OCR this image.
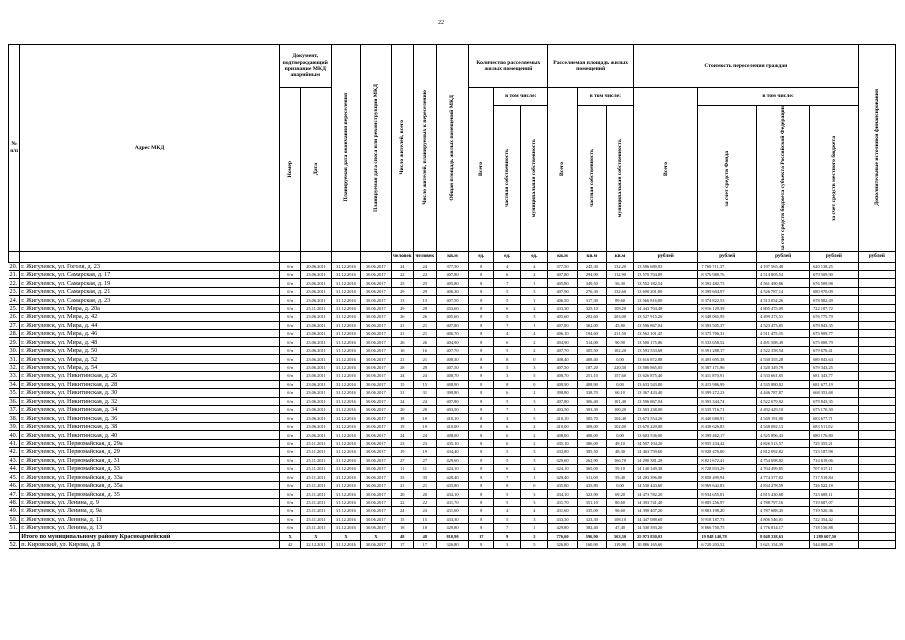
22
№ п/п	Адрес МКД	Документ, подтверждающий признание МКД аварийным		Планируемая дата окончания переселения	Планируемая дата сноса или реконструкции МКД	Число жителей, всего	Число жителей, планируемых к переселению	Общая площадь жилых помещений МКД	Количество расселяемых жилых помещений			Расселяемая площадь жилых помещений			Стоимость переселения граждан				Дополнительные источники финансирования

		Номер	Дата						Всего	в том числе:		Всего	в том числе:		Всего	в том числе:			

										частная собственность	муниципальная собственность		частная собственность	муниципальная собственность		за счет средств Фонда	за счет средств бюджета субъекта Российской Федерации	за счет средств местного бюджета	

						человек	человек	кв.м	ед.	ед.	ед.	кв.м	кв.м	кв.м	рублей	рублей	рублей	рублей	рублей
20.	г. Жигулевск, ул. Гоголя, д. 23	б/н	20.06.2011	31.12.2016	30.06.2017	24	24	377,50	8	4	4	377,50	245,30	132,20	13 586 689,93	7 769 711,37	4 197 565,48	620 138,25	
21.	г. Жигулевск, ул. Самарская, д. 17	б/н	23.06.2011	31.12.2016	30.06.2017	22	22	407,80	8	6	2	407,80	294,90	112,90	13 570 704,89	8 376 980,76	4 514 805,54	679 509,90	
22.	г. Жигулевск, ул. Самарская, д. 19	б/н	23.06.2011	31.12.2016	30.06.2017	25	25	405,80	8	7	1	405,80	349,50	56,30	13 552 182,54	8 392 482,75	4 561 490,86	676 509,98	
23.	г. Жигулевск, ул. Самарская, д. 21	б/н	23.06.2011	31.12.2016	30.06.2017	29	29	406,30	8	5	3	407,90	276,30	132,60	13 690 201,80	8 399 604,97	4 526 787,14	680 970,09	
24.	г. Жигулевск, ул. Самарская, д. 23	б/н	23.06.2011	31.12.2016	30.06.2017	13	13	407,50	8	5	1	406,50	317,30	89,60	13 566 816,80	8 374 822,53	4 513 054,26	678 982,49	
25.	г. Жигулевск, ул. Мира, д. 20а	б/н	25.11.2011	31.12.2016	30.06.2017	29	29	433,60	8	6	2	433,30	325,10	108,20	14 443 704,48	8 916 129,39	4 805 475,09	722 187,72	
26.	г. Жигулевск, ул. Мира, д. 42	б/н	23.06.2011	31.12.2016	30.06.2017	26	26	405,60	8	5	3	405,60	202,60	203,00	13 527 915,26	8 348 065,95	4 499 273,51	676 775,79	
27.	г. Жигулевск, ул. Мира, д. 44	б/н	23.06.2011	31.12.2016	30.06.2017	21	21	407,80	8	7	1	407,80	362,00	45,80	13 596 867,04	8 393 505,37	4 523 473,85	679 843,35	
28.	г. Жигулевск, ул. Мира, д. 46	б/н	23.06.2011	31.12.2016	30.06.2017	21	21	406,70	8	4	4	406,10	194,60	211,50	13 562 101,45	8 375 706,31	4 511 475,35	675 909,77	
29.	г. Жигулевск, ул. Мира, д. 48	б/н	23.06.2011	31.12.2016	30.06.2017	26	26	404,90	8	6	2	404,90	314,00	90,90	13 500 175,86	8 333 658,52	4 491 508,49	675 008,79	
30.	г. Жигулевск, ул. Мира, д. 50	б/н	23.06.2011	31.12.2016	30.06.2017	16	16	407,70	8	5	2	407,70	305,50	102,20	13 593 533,68	8 391 288,17	4 522 358,54	679 676,41	
31.	г. Жигулевск, ул. Мира, д. 52	б/н	23.06.2011	31.12.2016	30.06.2017	21	21	408,30	8	8	0	408,40	408,40	0,00	13 616 872,88	8 405 695,38	4 530 355,28	680 843,64	
32.	г. Жигулевск, ул. Мира, д. 54	б/н	23.06.2011	31.12.2016	30.06.2017	28	28	407,50	8	5	3	407,50	187,20	220,30	13 586 865,05	8 387 171,96	4 520 349,79	679 343,25	
33.	г. Жигулевск, ул. Никитинская, д. 26	б/н	23.06.2011	31.12.2016	30.06.2017	24	24	408,70	8	3	5	408,70	251,10	157,60	13 626 875,40	8 411 870,91	4 533 661,65	681 343,77	
34.	г. Жигулевск, ул. Никитинская, д. 28	б/н	23.06.2011	31.12.2016	30.06.2017	15	15	408,90	8	8	0	408,90	408,90	0,00	13 633 543,80	8 415 986,99	4 535 880,02	681 677,19	
35.	г. Жигулевск, ул. Никитинская, д. 30	б/н	23.06.2011	31.12.2016	30.06.2017	31	31	398,80	8	6	2	398,80	338,70	60,10	13 367 433,40	8 399 272,23	4 446 787,87	668 353,68	
36.	г. Жигулевск, ул. Никитинская, д. 32	б/н	23.06.2011	31.12.2016	30.06.2017	24	24	407,80	8	5	3	407,80	306,40	101,40	13 596 867,04	8 393 344,74	4 522 679,02	679 843,35	
37.	г. Жигулевск, ул. Никитинская, д. 34	б/н	23.06.2011	31.12.2016	30.06.2017	20	20	403,50	8	7	1	403,50	303,30	100,20	13 503 238,00	8 335 716,71	4 492 429,10	675 170,30	
38.	г. Жигулевск, ул. Никитинская, д. 36	б/н	23.06.2011	31.12.2016	30.06.2017	18	18	410,10	8	3	5	410,10	305,70	104,40	13 673 554,26	8 440 680,91	4 549 191,08	683 677,71	
39.	г. Жигулевск, ул. Никитинская, д. 38	б/н	23.06.2011	31.12.2016	30.06.2017	19	19	410,00	8	6	2	410,00	308,00	102,00	13 670 220,00	8 438 626,85	4 548 082,13	683 511,02	
40.	г. Жигулевск, ул. Никитинская, д. 40	б/н	23.06.2011	31.12.2016	30.06.2017	24	24	408,00	8	6	2	408,00	408,00	0,00	13 603 536,00	8 399 462,17	4 525 896,43	680 176,80	
41.	г. Жигулевск, ул. Первомайская, д. 29а	б/н	25.11.2011	31.12.2016	30.06.2017	23	23	435,10	8	6	2	435,10	386,00	49,10	14 507 104,20	8 955 234,42	4 826 513,57	725 355,21	
42.	г. Жигулевск, ул. Первомайская, д. 29	б/н	25.11.2011	31.12.2016	30.06.2017	19	19	434,40	8	5	3	433,80	385,50	48,30	14 463 759,60	8 928 476,80	4 812 092,82	723 187,98	
43.	г. Жигулевск, ул. Первомайская, д. 31	б/н	25.11.2011	31.12.2016	30.06.2017	27	27	429,60	8	5	3	429,60	262,90	166,70	14 290 381,28	8 821 672,41	4 754 698,82	714 619,06	
44.	г. Жигулевск, ул. Первомайская, д. 33	б/н	25.11.2011	31.12.2016	30.06.2017	11	11	424,10	8	6	2	424,10	365,00	59,10	14 140 349,38	8 728 833,29	4 704 499,85	707 017,11	
45.	г. Жигулевск, ул. Первомайская, д. 33а	б/н	25.11.2011	31.12.2016	30.06.2017	35	35	428,40	8	7	1	428,40	311,00	59,40	14 283 396,80	8 858 499,94	4 774 377,02	717 519,84	
46.	г. Жигулевск, ул. Первомайская, д. 35а	б/н	25.11.2011	31.12.2016	30.06.2017	21	21	435,80	8	8	0	435,80	435,80	0,00	14 530 443,60	8 969 642,83	4 834 278,59	726 522,18	
47.	г. Жигулевск, ул. Первомайская, д. 35	б/н	25.11.2011	31.12.2016	30.06.2017	20	20	434,10	8	5	3	434,10	323,90	69,20	14 473 782,20	8 934 655,81	4 815 430,68	723 689,11	
48.	г. Жигулевск, ул. Ленина, д. 9	б/н	25.11.2011	31.12.2016	30.06.2017	22	22	431,70	8	5	3	431,70	351,10	80,60	14 393 741,40	8 885 256,97	4 788 797,16	719 687,07	
49.	г. Жигулевск, ул. Ленина, д. 9а	б/н	25.11.2011	31.12.2016	30.06.2017	24	24	431,60	8	4	4	431,60	335,00	96,60	14 390 407,20	8 883 198,20	4 787 688,45	719 520,36	
50.	г. Жигулевск, ул. Ленина, д. 11	б/н	25.11.2011	31.12.2016	30.06.2017	15	15	433,30	8	5	3	433,30	323,30	108,10	14 447 088,60	8 918 187,73	4 806 546,01	722 354,42	
51.	г. Жигулевск, ул. Ленина, д. 13	б/н	25.11.2011	31.12.2016	30.06.2017	18	18	429,80	8	7	1	429,80	382,40	47,40	14 330 393,20	8 866 750,75	4 776 814,17	718 156,88	
	Итого по муниципальному району Красноармейский	X	X	X	X	48	48	810,90	17	9	5	776,60	596,90	563,50	25 973 830,03	19 848 140,78	8 048 338,63	1 289 607,50	
52.	п. Кировский, ул. Кирова, д. 8	42	22.12.2011	31.12.2016	30.06.2017	17	17	326,80	8	3	5	326,80	160,90	119,80	10 886 165,60	6 720 203,52	3 621 154,39	544 808,28	
